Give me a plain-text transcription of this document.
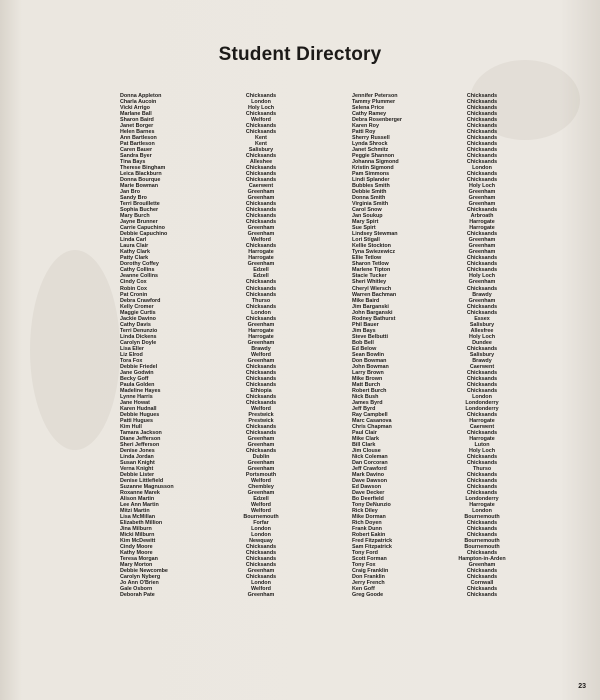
Student Directory
Donna Appleton	Chicksands
Charla Aucoin	London
Vicki Arrigo	Holy Loch
Marlane Ball	Chicksands
Sharon Baird	Welford
Janet Borger	Chicksands
Helen Barnes	Chicksands
Ann Bartleson	Kent
Pat Bartleson	Kent
Caren Bauer	Salisbury
Sandra Byer	Chicksands
Tina Bays	Alleshee
Therese Bingham	Chicksands
Leica Blackburn	Chicksands
Donna Bourque	Chicksands
Marie Bowman	Caerwent
Jan Bro	Greenham
Sandy Bro	Greenham
Terri Brouillette	Chicksands
Sophia Bucher	Chicksands
Mary Burch	Chicksands
Jayne Brunner	Chicksands
Carrie Capuchino	Greenham
Debbie Capuchino	Greenham
Linda Carl	Welford
Laura Clair	Chicksands
Kathy Clark	Harrogate
Patty Clark	Harrogate
Dorothy Coffey	Greenham
Cathy Collins	Edzell
Jeanne Collins	Edzell
Cindy Cox	Chicksands
Robin Cox	Chicksands
Pat Cronin	Chicksands
Debra Crawford	Thurso
Kelly Cromer	Chicksands
Maggie Curtis	London
Jackie Davino	Chicksands
Cathy Davis	Greenham
Terri Denunzio	Harrogate
Linda Dickens	Harrogate
Carolyn Doyle	Greenham
Lisa Eller	Brawdy
Liz Elrod	Welford
Tora Fox	Greenham
Debbie Friedel	Chicksands
Jane Godwin	Chicksands
Becky Goff	Chicksands
Paula Golden	Chicksands
Madeline Hayes	Ethiopia
Lynne Harris	Chicksands
Jane Howat	Chicksands
Karen Hudnall	Welford
Debbie Hugues	Prestwick
Patti Hugues	Prestwick
Kim Hull	Chicksands
Tamara Jackson	Chicksands
Diane Jefferson	Greenham
Sheri Jefferson	Greenham
Denise Jones	Chicksands
Linda Jordan	Dublin
Susan Knight	Greenham
Verna Knight	Greenham
Debbie Lister	Portsmouth
Denise Littlefield	Welford
Suzanne Magnusson	Chembley
Roxanne Marek	Greenham
Alison Martin	Edzell
Lee Ann Martin	Welford
Mitzi Martin	Welford
Lisa McMillan	Bournemouth
Elizabeth Million	Forfar
Jina Milburn	London
Micki Milburn	London
Kim McDewitt	Newquay
Cindy Moore	Chicksands
Kathy Moore	Chicksands
Teresa Morgan	Chicksands
Mary Morton	Chicksands
Debbie Newcombe	Greenham
Carolyn Nyberg	Chicksands
Jo Ann O'Brien	London
Gale Osborn	Welford
Deborah Pate	Greenham
Jennifer Peterson	Chicksands
Tammy Plummer	Chicksands
Selena Price	Chicksands
Cathy Ramey	Chicksands
Debra Rosenberger	Chicksands
Karen Roy	Chicksands
Patti Roy	Chicksands
Sherry Russell	Chicksands
Lynda Shrock	Chicksands
Janet Schmitz	Chicksands
Peggie Shannon	Chicksands
Johanna Sigmond	Chicksands
Kristin Sigmond	London
Pam Simmons	Chicksands
Lindi Splander	Chicksands
Bubbles Smith	Holy Loch
Debbie Smith	Greenham
Donna Smith	Greenham
Virginia Smith	Greenham
Carol Snow	Chicksands
Jan Soukup	Arbroath
Mary Spirt	Harrogate
Sue Spirt	Harrogate
Lindsey Stewman	Chicksands
Lori Stigall	Greenham
Kellie Stockton	Greenham
Tyna Swiezewicz	Greenham
Ellie Tetlow	Chicksands
Sharon Tetlow	Chicksands
Marlene Tipton	Chicksands
Stacie Tucker	Holy Loch
Sheri Whitley	Greenham
Cheryl Wiersch	Chicksands
Warren Bachman	Brawdy
Mike Baird	Greenham
Jim Barganski	Chicksands
John Barganski	Chicksands
Rodney Bathurst	Essex
Phil Bauer	Salisbury
Jim Bays	Allesfree
Steve Belbutti	Holy Loch
Bob Bell	Dundee
Ed Below	Chicksands
Sean Bowlin	Salisbury
Don Bowman	Brawdy
John Bowman	Caerwent
Larry Brown	Chicksands
Mike Brown	Chicksands
Matt Burch	Chicksands
Robert Burch	Chicksands
Nick Bush	London
James Byrd	Londonderry
Jeff Byrd	Londonderry
Ray Campbell	Chicksands
Marc Casanova	Harrogate
Chris Chapman	Caerwent
Paul Clair	Chicksands
Mike Clark	Harrogate
Bill Clark	Luton
Jim Clouse	Holy Loch
Nick Coleman	Chicksands
Dan Corcoran	Chicksands
Jeff Crawford	Thurso
Mark Davino	Chicksands
Dave Dawson	Chicksands
Ed Dawson	Chicksands
Dave Decker	Chicksands
Bo Deerfield	Londonderry
Tony DeNunzio	Harrogate
Rick Diley	London
Mike Dorman	Bournemouth
Rich Doyen	Chicksands
Frank Dunn	Chicksands
Robert Eakin	Chicksands
Fred Fitzpatrick	Bournemouth
Sam Fitzpatrick	Bournemouth
Tony Ford	Chicksands
Scott Forman	Hampton-in-Arden
Tony Fox	Greenham
Craig Franklin	Chicksands
Don Franklin	Chicksands
Jerry French	Cornwall
Ken Goff	Chicksands
Greg Goode	Chicksands
23
